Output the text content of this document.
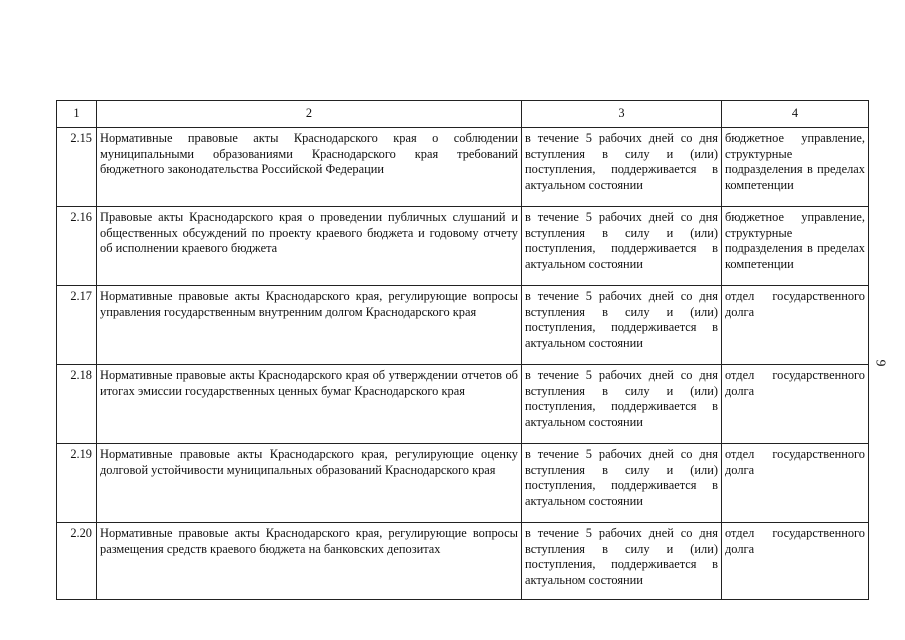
1	2	3	4
2.15	Нормативные правовые акты Краснодарского края о соблюдении муниципальными образованиями Краснодарского края требований бюджетного законодательства Российской Федерации	в течение 5 рабочих дней со дня вступления в силу и (или) поступления, поддерживается в актуальном состоянии	бюджетное управление, структурные подразделения в пределах компетенции
2.16	Правовые акты Краснодарского края о проведении публичных слушаний и общественных обсуждений по проекту краевого бюджета и годовому отчету об исполнении краевого бюджета	в течение 5 рабочих дней со дня вступления в силу и (или) поступления, поддерживается в актуальном состоянии	бюджетное управление, структурные подразделения в пределах компетенции
2.17	Нормативные правовые акты Краснодарского края, регулирующие вопросы управления государственным внутренним долгом Краснодарского края	в течение 5 рабочих дней со дня вступления в силу и (или) поступления, поддерживается в актуальном состоянии	отдел государственного долга
2.18	Нормативные правовые акты Краснодарского края об утверждении отчетов об итогах эмиссии государственных ценных бумаг Краснодарского края	в течение 5 рабочих дней со дня вступления в силу и (или) поступления, поддерживается в актуальном состоянии	отдел государственного долга
2.19	Нормативные правовые акты Краснодарского края, регулирующие оценку долговой устойчивости муниципальных образований Краснодарского края	в течение 5 рабочих дней со дня вступления в силу и (или) поступления, поддерживается в актуальном состоянии	отдел государственного долга
2.20	Нормативные правовые акты Краснодарского края, регулирующие вопросы размещения средств краевого бюджета на банковских депозитах	в течение 5 рабочих дней со дня вступления в силу и (или) поступления, поддерживается в актуальном состоянии	отдел государственного долга
9
